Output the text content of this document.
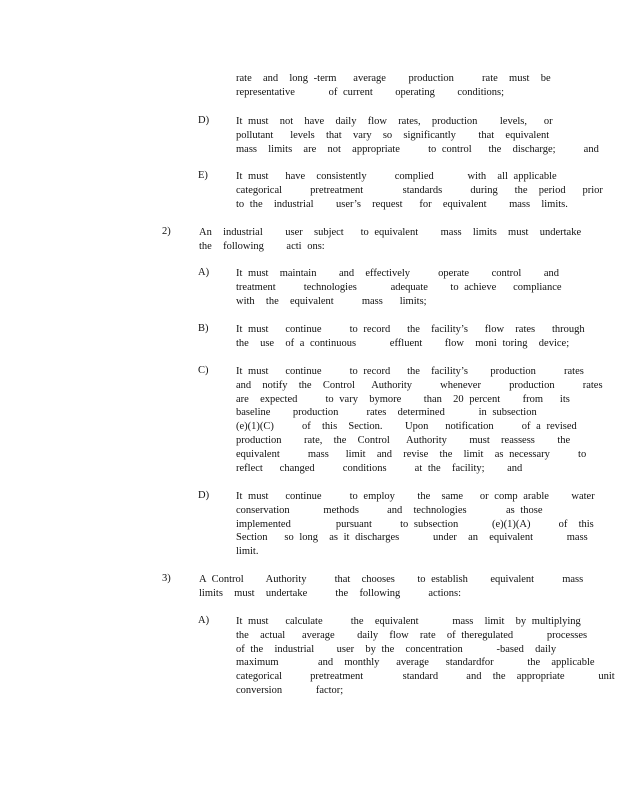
rate  and  long -term   average    production     rate  must  be
representative      of current    operating    conditions;
D)	It must  not  have  daily  flow  rates,  production    levels,   or
pollutant   levels  that  vary  so  significantly    that  equivalent
mass  limits  are  not  appropriate     to control   the  discharge;     and
E)	It must   have  consistently     complied      with  all applicable
categorical     pretreatment       standards     during   the  period   prior
to the  industrial    user’s  request   for  equivalent    mass  limits.
2)	An  industrial    user  subject   to equivalent    mass  limits  must  undertake
the  following    acti ons:
A)	It must  maintain    and  effectively     operate    control    and
treatment     technologies      adequate    to achieve   compliance
with  the  equivalent     mass   limits;
B)	It must   continue     to record   the  facility’s   flow  rates   through
the  use  of a continuous      effluent    flow  moni toring  device;
C)	It must   continue     to record   the  facility’s    production     rates
and  notify  the  Control   Authority     whenever     production     rates
are  expected     to vary  bymore    than  20 percent    from   its
baseline    production     rates  determined      in subsection
(e)(1)(C)     of  this  Section.    Upon   notification     of a revised
production    rate,  the  Control   Authority    must  reassess    the
equivalent     mass   limit  and  revise  the  limit  as necessary     to
reflect   changed     conditions     at the  facility;    and
D)	It must   continue     to employ    the  same   or comp arable    water
conservation      methods     and  technologies       as those
implemented        pursuant     to subsection      (e)(1)(A)     of  this
Section   so long  as it discharges      under  an  equivalent      mass
limit.
3)	A Control    Authority     that  chooses    to establish    equivalent     mass
limits  must  undertake     the  following     actions:
A)	It must   calculate     the  equivalent      mass  limit  by multiplying
the  actual   average    daily  flow  rate  of theregulated      processes
of the  industrial    user  by the  concentration      -based  daily
maximum       and  monthly   average   standardfor      the  applicable
categorical     pretreatment       standard     and  the  appropriate      unit
conversion      factor;
